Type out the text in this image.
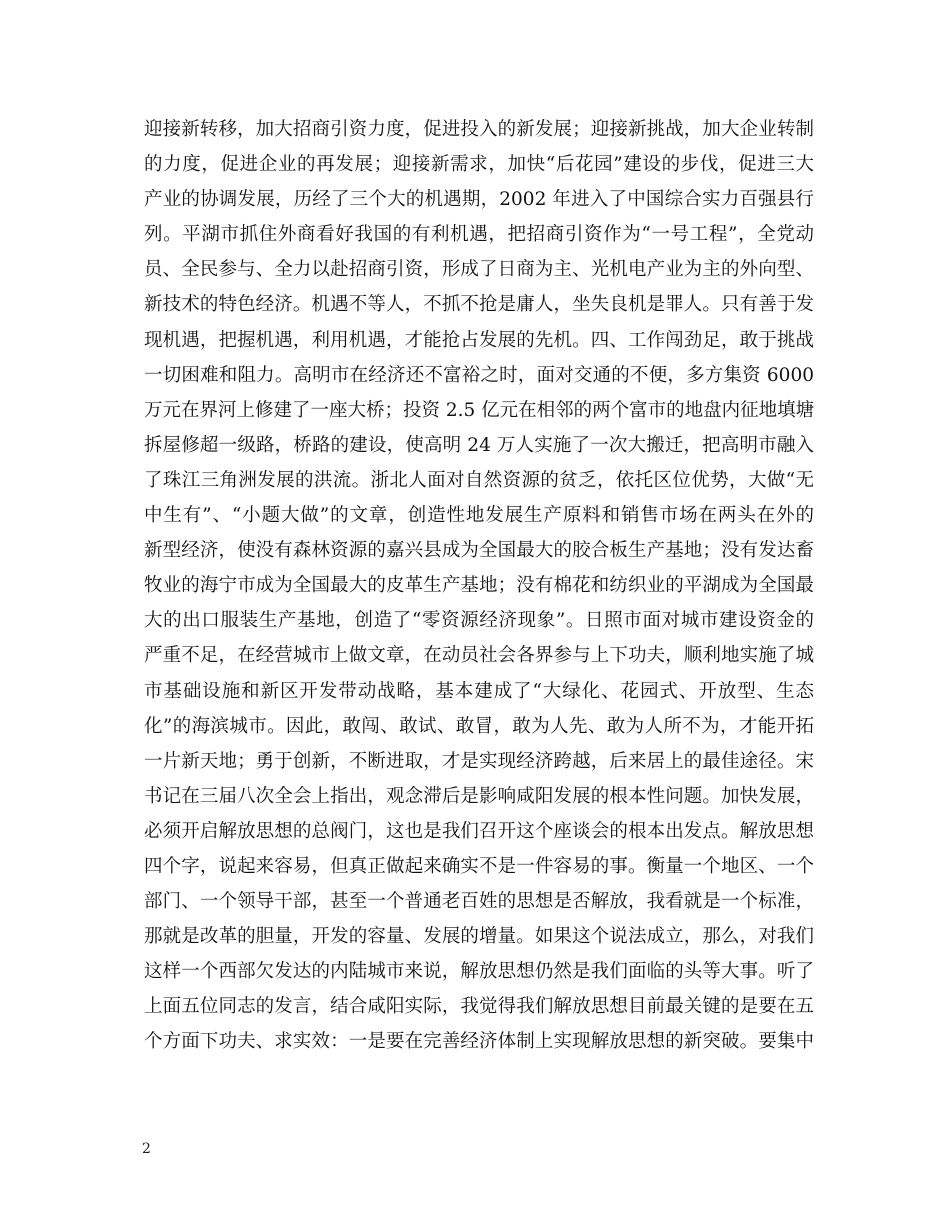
迎接新转移，加大招商引资力度，促进投入的新发展；迎接新挑战，加大企业转制
的力度，促进企业的再发展；迎接新需求，加快“后花园”建设的步伐，促进三大
产业的协调发展，历经了三个大的机遇期，2002 年进入了中国综合实力百强县行
列。平湖市抓住外商看好我国的有利机遇，把招商引资作为“一号工程”，全党动
员、全民参与、全力以赴招商引资，形成了日商为主、光机电产业为主的外向型、
新技术的特色经济。机遇不等人，不抓不抢是庸人，坐失良机是罪人。只有善于发
现机遇，把握机遇，利用机遇，才能抢占发展的先机。四、工作闯劲足，敢于挑战
一切困难和阻力。高明市在经济还不富裕之时，面对交通的不便，多方集资 6000
万元在界河上修建了一座大桥；投资 2.5 亿元在相邻的两个富市的地盘内征地填塘
拆屋修超一级路，桥路的建设，使高明 24 万人实施了一次大搬迁，把高明市融入
了珠江三角洲发展的洪流。浙北人面对自然资源的贫乏，依托区位优势，大做“无
中生有”、“小题大做”的文章，创造性地发展生产原料和销售市场在两头在外的
新型经济，使没有森林资源的嘉兴县成为全国最大的胶合板生产基地；没有发达畜
牧业的海宁市成为全国最大的皮革生产基地；没有棉花和纺织业的平湖成为全国最
大的出口服装生产基地，创造了“零资源经济现象”。日照市面对城市建设资金的
严重不足，在经营城市上做文章，在动员社会各界参与上下功夫，顺利地实施了城
市基础设施和新区开发带动战略，基本建成了“大绿化、花园式、开放型、生态
化”的海滨城市。因此，敢闯、敢试、敢冒，敢为人先、敢为人所不为，才能开拓
一片新天地；勇于创新，不断进取，才是实现经济跨越，后来居上的最佳途径。宋
书记在三届八次全会上指出，观念滞后是影响咸阳发展的根本性问题。加快发展，
必须开启解放思想的总阀门，这也是我们召开这个座谈会的根本出发点。解放思想
四个字，说起来容易，但真正做起来确实不是一件容易的事。衡量一个地区、一个
部门、一个领导干部，甚至一个普通老百姓的思想是否解放，我看就是一个标准，
那就是改革的胆量，开发的容量、发展的增量。如果这个说法成立，那么，对我们
这样一个西部欠发达的内陆城市来说，解放思想仍然是我们面临的头等大事。听了
上面五位同志的发言，结合咸阳实际，我觉得我们解放思想目前最关键的是要在五
个方面下功夫、求实效：一是要在完善经济体制上实现解放思想的新突破。要集中
2
